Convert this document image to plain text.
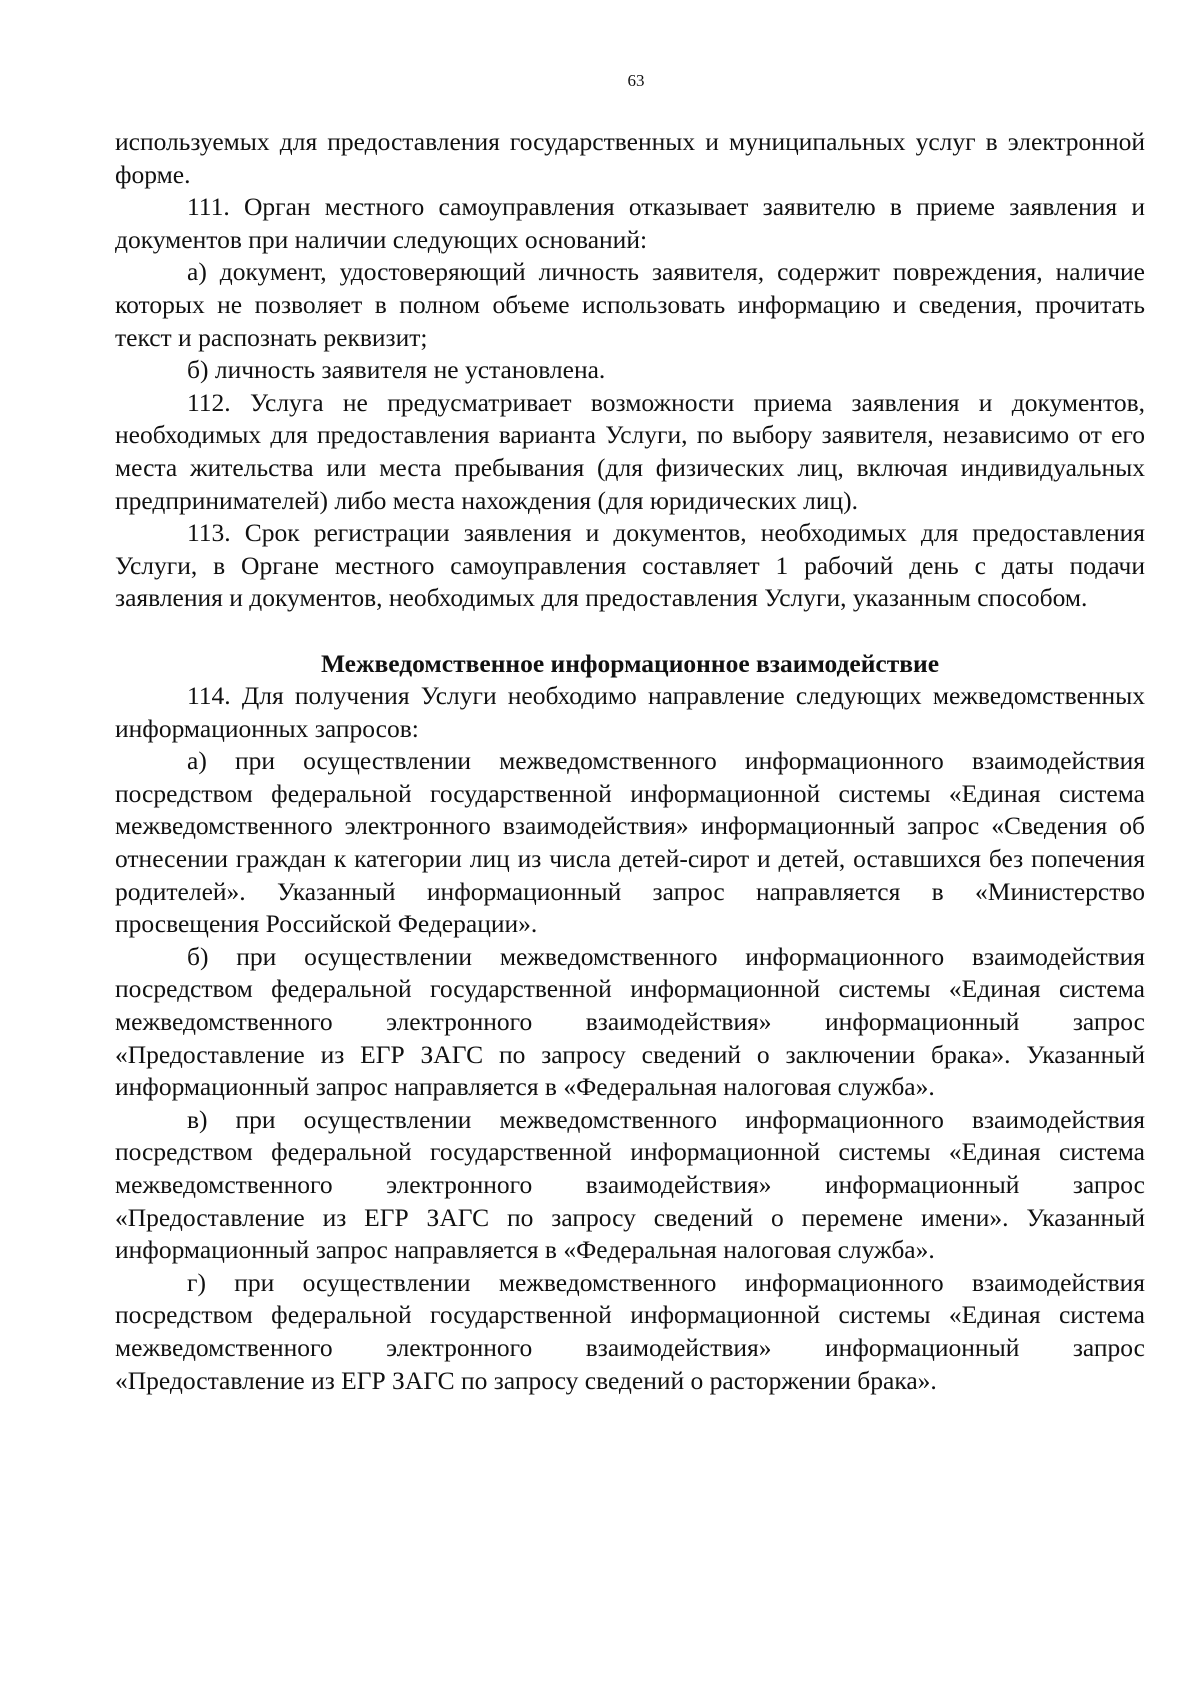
63

используемых для предоставления государственных и муниципальных услуг в электронной форме.

111. Орган местного самоуправления отказывает заявителю в приеме заявления и документов при наличии следующих оснований:

а) документ, удостоверяющий личность заявителя, содержит повреждения, наличие которых не позволяет в полном объеме использовать информацию и сведения, прочитать текст и распознать реквизит;

б) личность заявителя не установлена.

112. Услуга не предусматривает возможности приема заявления и документов, необходимых для предоставления варианта Услуги, по выбору заявителя, независимо от его места жительства или места пребывания (для физических лиц, включая индивидуальных предпринимателей) либо места нахождения (для юридических лиц).

113. Срок регистрации заявления и документов, необходимых для предоставления Услуги, в Органе местного самоуправления составляет 1 рабочий день с даты подачи заявления и документов, необходимых для предоставления Услуги, указанным способом.

Межведомственное информационное взаимодействие

114. Для получения Услуги необходимо направление следующих межведомственных информационных запросов:

а) при осуществлении межведомственного информационного взаимодействия посредством федеральной государственной информационной системы «Единая система межведомственного электронного взаимодействия» информационный запрос «Сведения об отнесении граждан к категории лиц из числа детей-сирот и детей, оставшихся без попечения родителей». Указанный информационный запрос направляется в «Министерство просвещения Российской Федерации».

б) при осуществлении межведомственного информационного взаимодействия посредством федеральной государственной информационной системы «Единая система межведомственного электронного взаимодействия» информационный запрос «Предоставление из ЕГР ЗАГС по запросу сведений о заключении брака». Указанный информационный запрос направляется в «Федеральная налоговая служба».

в) при осуществлении межведомственного информационного взаимодействия посредством федеральной государственной информационной системы «Единая система межведомственного электронного взаимодействия» информационный запрос «Предоставление из ЕГР ЗАГС по запросу сведений о перемене имени». Указанный информационный запрос направляется в «Федеральная налоговая служба».

г) при осуществлении межведомственного информационного взаимодействия посредством федеральной государственной информационной системы «Единая система межведомственного электронного взаимодействия» информационный запрос «Предоставление из ЕГР ЗАГС по запросу сведений о расторжении брака».
